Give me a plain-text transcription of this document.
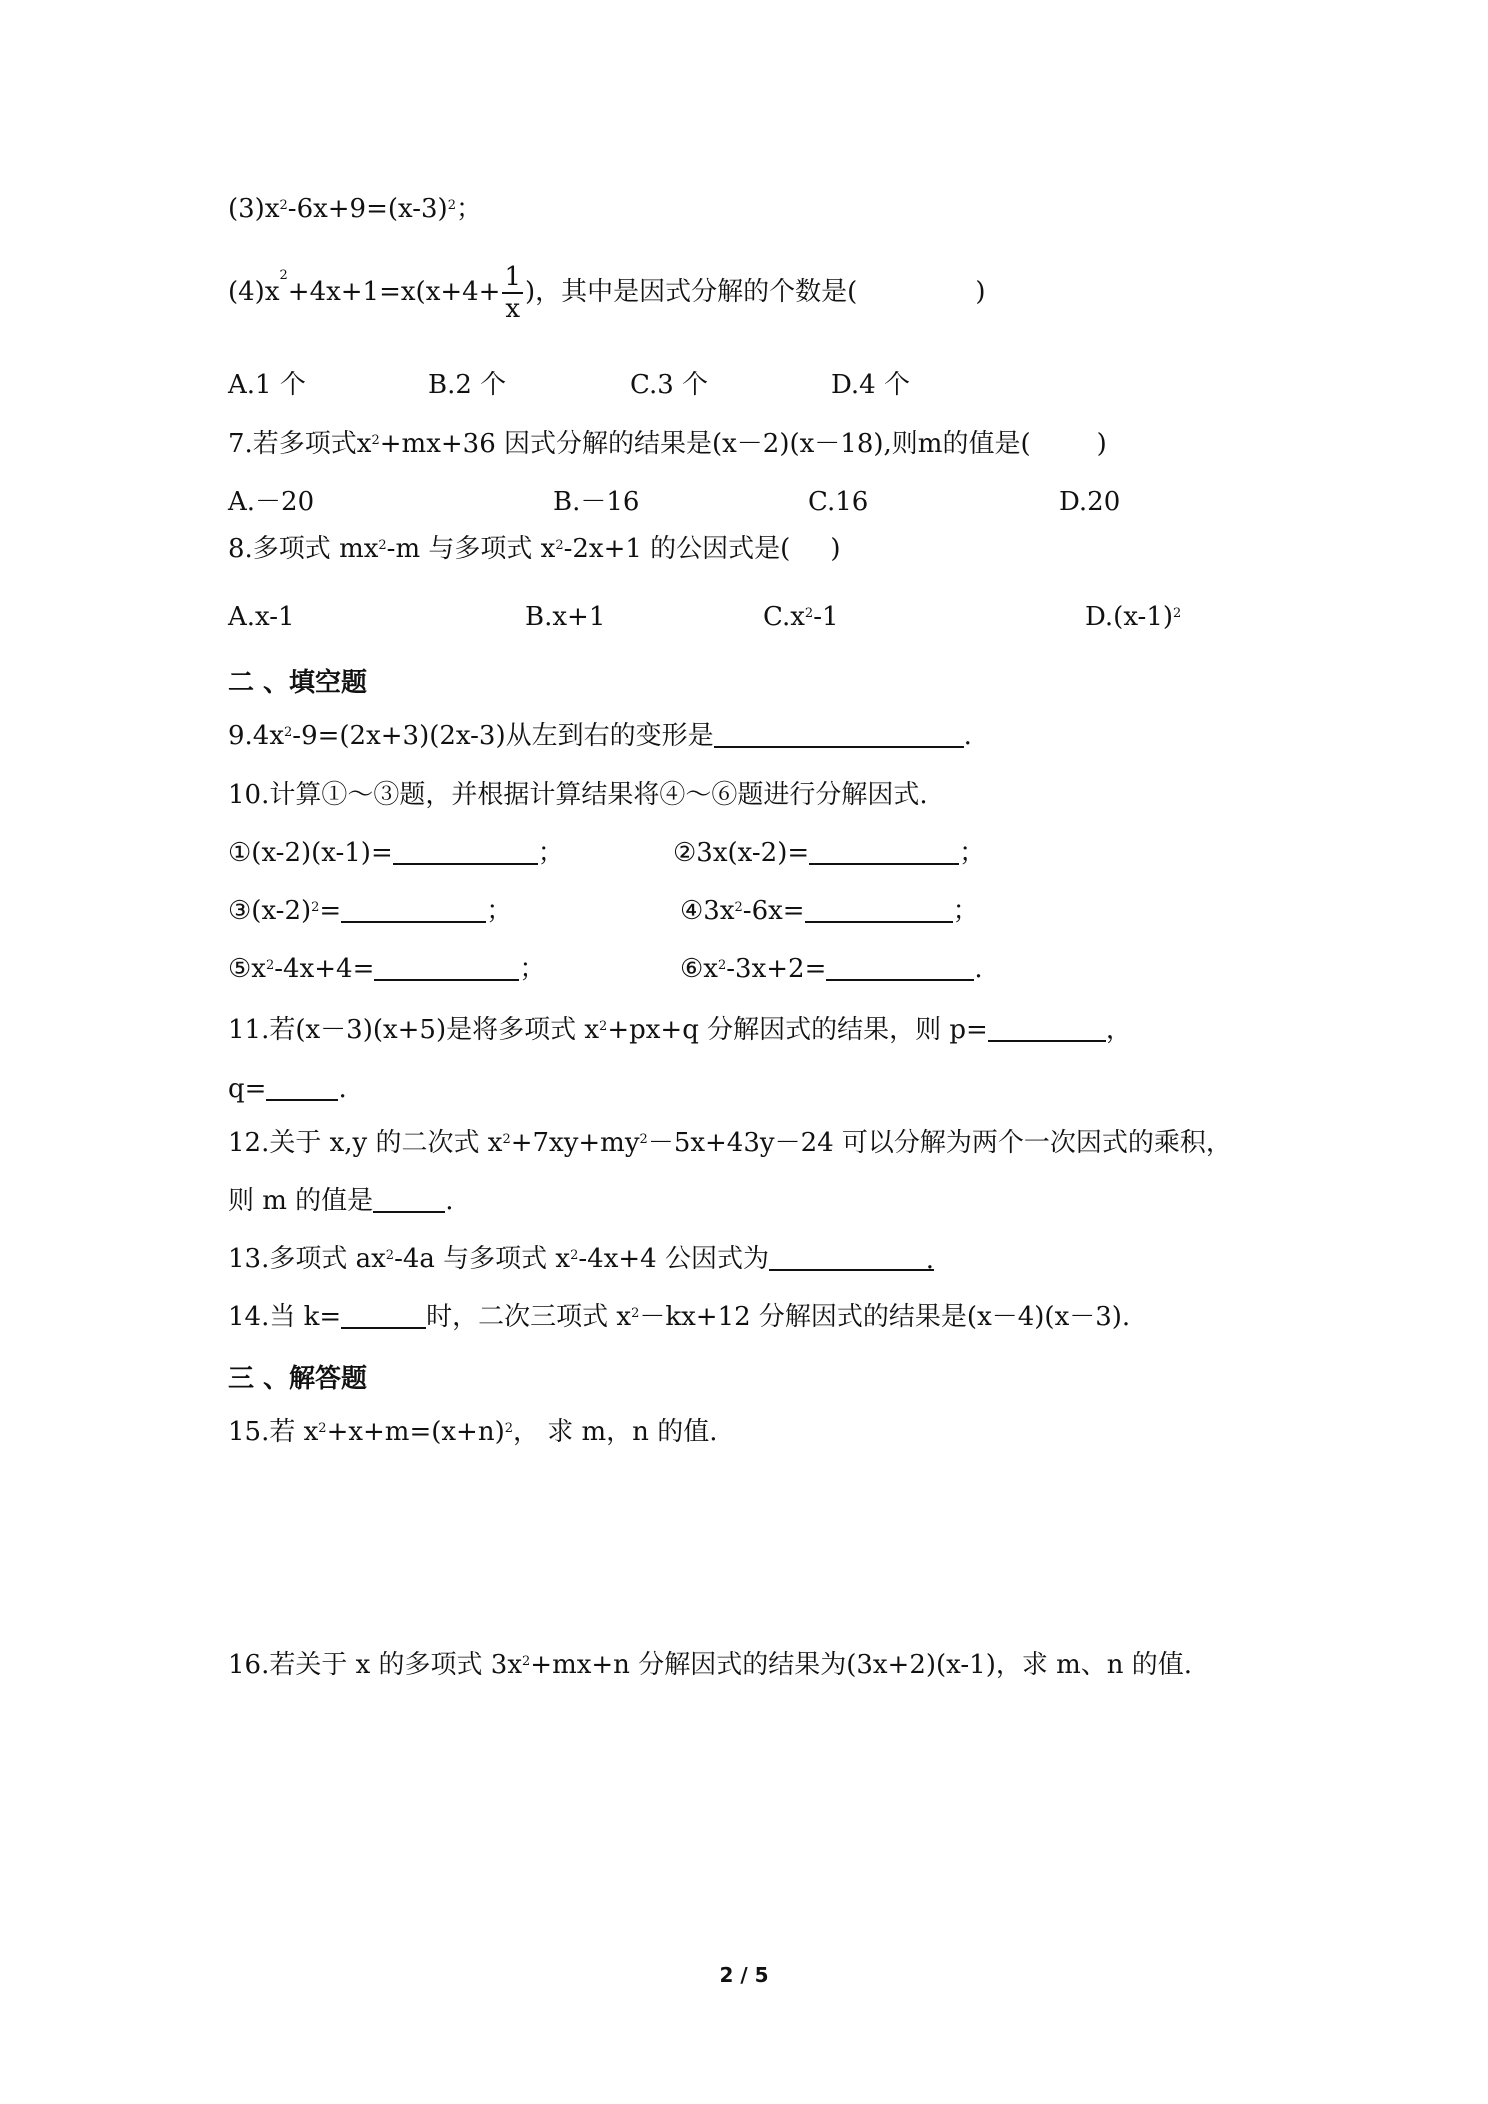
$(3)x^2-6x+9=(x-3)^2$；
$(4)x^2+4x+1=x(x+4+ \frac{1}{x}$ )，其中是因式分解的个数是(	)
A.1 个	B.2 个	C.3 个	D.4 个
7.若多项式$x^2+mx+36$ 因式分解的结果是(x－2)(x－18),则m的值是(	)
A.－20	B.－16	C.16	D.20
8.多项式 $mx^2-m$ 与多项式 $x^2-2x+1$ 的公因式是( )
A.x-1	B.x+1	$C.x^2-1$	$D.(x-1)^2$
二 、填空题
$9.4x^2-9=(2x+3)(2x-3)$从左到右的变形是	.
10.计算①～③题，并根据计算结果将④～⑥题进行分解因式.
①(x-2)(x-1)=	；	②3x(x-2)=	；
$③(x-2)^2=$	；	$④3x^2-6x=$	；
$⑤x^2-4x+4=$	；	$⑥x^2-3x+2=$	.
11.若(x－3)(x+5)是将多项式 $x^2+px+q$ 分解因式的结果，则 p=	，
q=	.
12.关于 x,y 的二次式 $x^2+7xy+my^2-5x+43y-24$ 可以分解为两个一次因式的乘积，
则 m 的值是	.
13.多项式 $ax^2-4a$ 与多项式 $x^2-4x+4$ 公因式为	.
14.当 k=	时，二次三项式 $x^2-kx+12$ 分解因式的结果是(x－4)(x－3).
三 、解答题
15.若 $x^2+x+m=(x+n)^2$， 求 m，n 的值.
16.若关于 x 的多项式 $3x^2+mx+n$ 分解因式的结果为(3x+2)(x-1)，求 m、n 的值.
2 / 5
